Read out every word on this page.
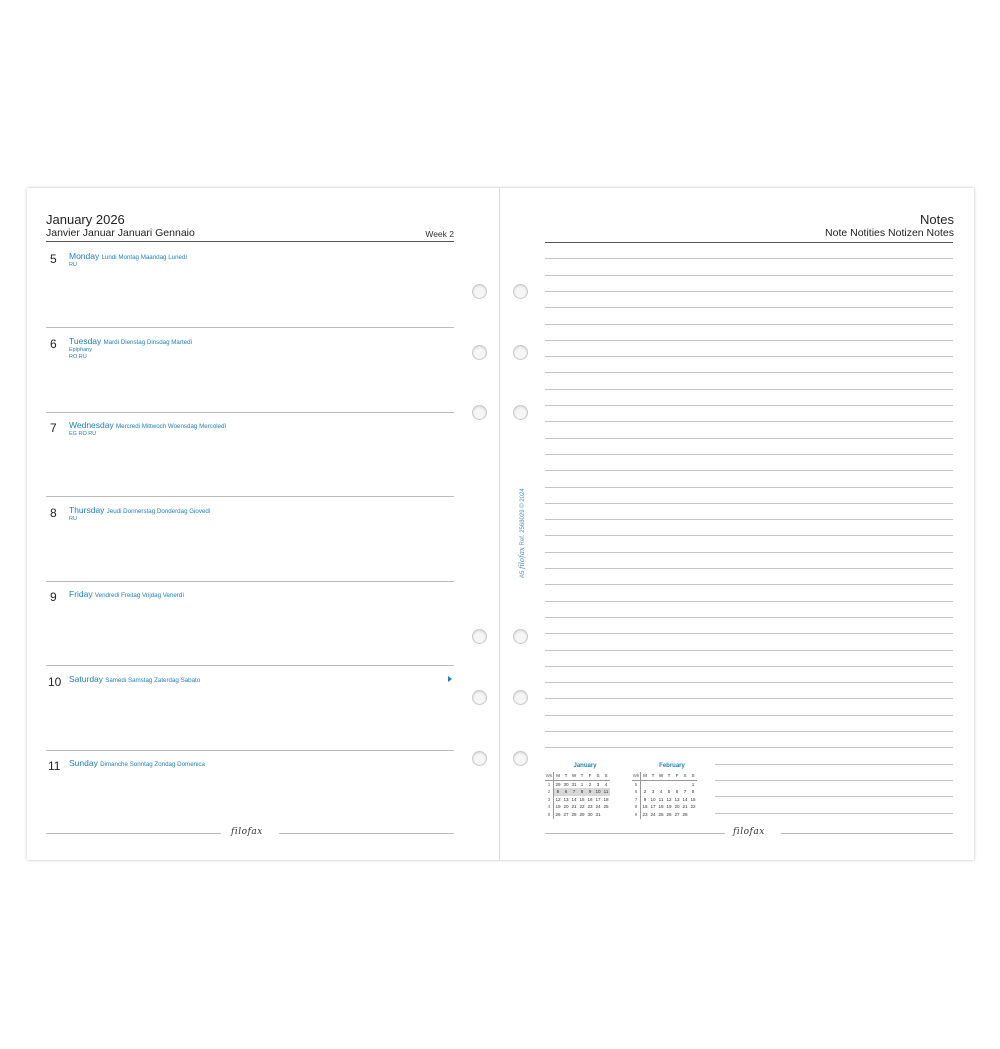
January 2026
Janvier Januar Januari Gennaio	Week 2
5 Monday Lundi Montag Maandag Lunedì
RU
6 Tuesday Mardi Dienstag Dinsdag Martedì
Epiphany
RO RU
7 Wednesday Mercredi Mittwoch Woensdag Mercoledì
EG RO RU
8 Thursday Jeudi Donnerstag Donderdag Giovedì
RU
9 Friday Vendredi Freitag Vrijdag Venerdì
10 Saturday Samedi Samstag Zaterdag Sabato
11 Sunday Dimanche Sonntag Zondag Domenica
filofax
Notes
Note Notities Notizen Notes
A5 filofax Ref. 2568029 © 2024
January
Wk	M	T	W	T	F	S	S
1	29	30	31	1	2	3	4
2	5	6	7	8	9	10	11
3	12	13	14	15	16	17	18
4	19	20	21	22	23	24	25
5	26	27	28	29	30	31	
February
Wk	M	T	W	T	F	S	S
5							1
6	2	3	4	5	6	7	8
7	9	10	11	12	13	14	15
8	16	17	18	19	20	21	22
9	23	24	25	26	27	28	
filofax
